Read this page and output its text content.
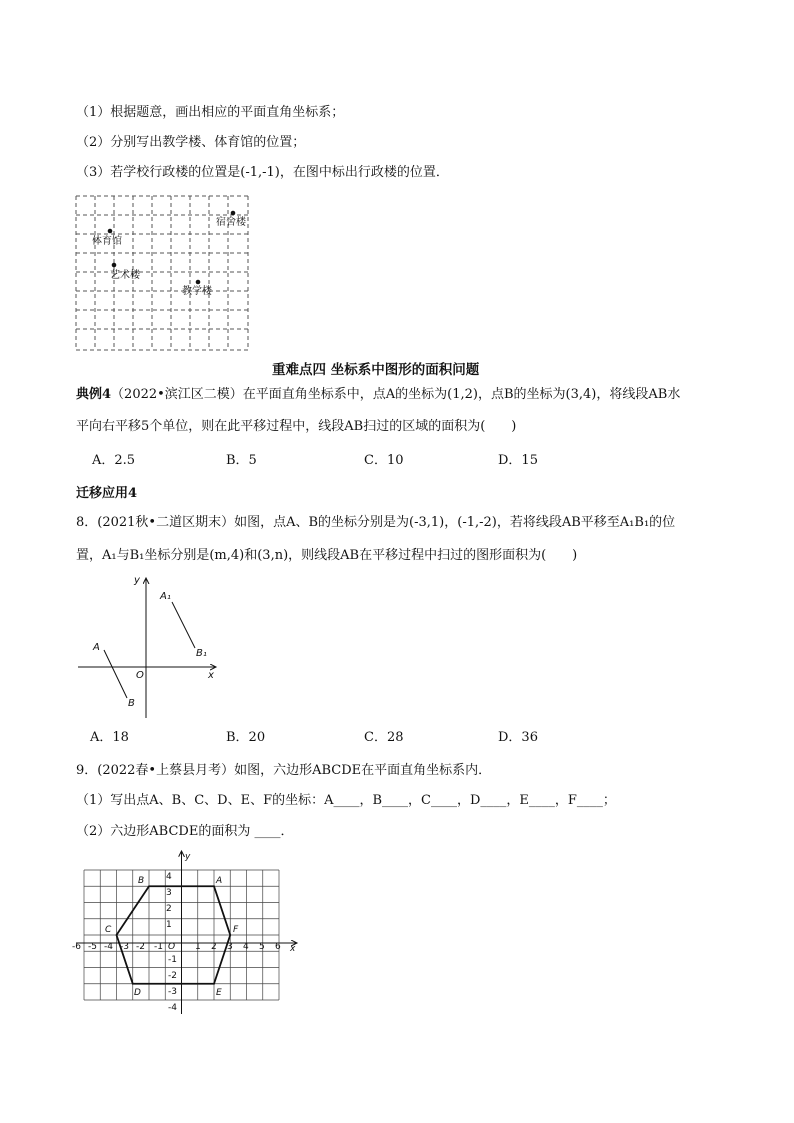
（1）根据题意，画出相应的平面直角坐标系；
（2）分别写出教学楼、体育馆的位置；
（3）若学校行政楼的位置是(-1,-1)，在图中标出行政楼的位置．
宿舍楼
体育馆
艺术楼
教学楼
重难点四 坐标系中图形的面积问题
典例4（2022•滨江区二模）在平面直角坐标系中，点A的坐标为(1,2)，点B的坐标为(3,4)，将线段AB水
平向右平移5个单位，则在此平移过程中，线段AB扫过的区域的面积为(　　)
A．2.5	B．5	C．10	D．15
迁移应用4
8．(2021秋•二道区期末）如图，点A、B的坐标分别是为(-3,1)，(-1,-2)，若将线段AB平移至A₁B₁的位
置，A₁与B₁坐标分别是(m,4)和(3,n)，则线段AB在平移过程中扫过的图形面积为(　　)
x
y
O
A
B
A₁
B₁
A．18	B．20	C．28	D．36
9．(2022春•上蔡县月考）如图，六边形ABCDE在平面直角坐标系内．
（1）写出点A、B、C、D、E、F的坐标：A____，B____，C____，D____，E____，F____；
（2）六边形ABCDE的面积为 ____．
x
y
O
-6 -5 -4 -3 -2 -1	1 2 3 4 5 6
4
3
2
1
-1
-2
-3
-4
A
B
C
D	E
F
